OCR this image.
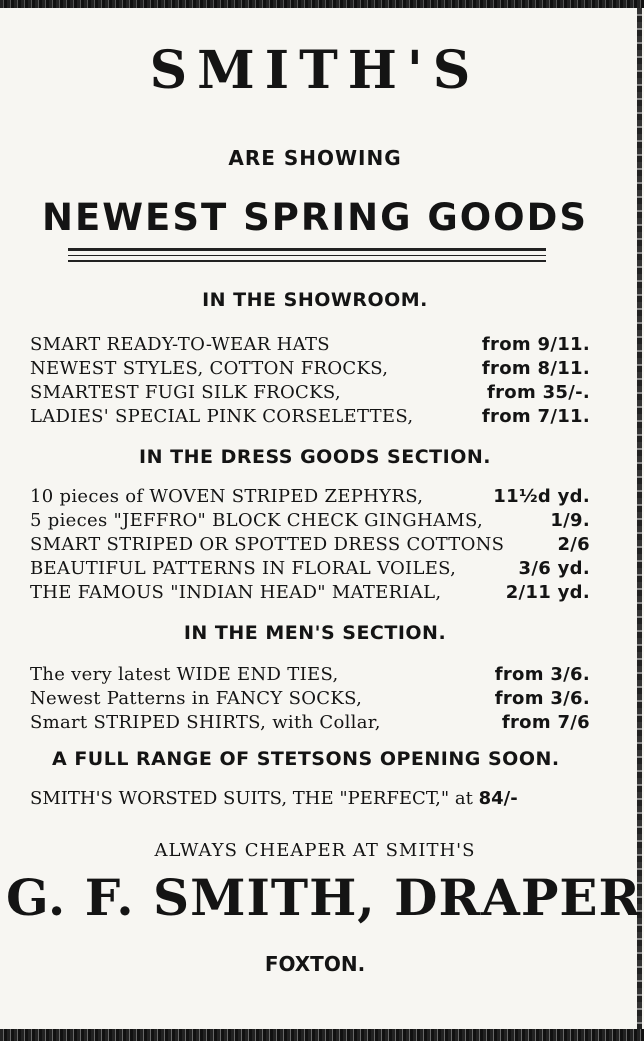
SMITH'S
ARE SHOWING
NEWEST SPRING GOODS
IN THE SHOWROOM.
SMART READY-TO-WEAR HATS	from 9/11.
NEWEST STYLES, COTTON FROCKS,	from 8/11.
SMARTEST FUGI SILK FROCKS,	from 35/-.
LADIES' SPECIAL PINK CORSELETTES,	from 7/11.
IN THE DRESS GOODS SECTION.
10 pieces of WOVEN STRIPED ZEPHYRS,	11½d yd.
5 pieces "JEFFRO" BLOCK CHECK GINGHAMS,	1/9.
SMART STRIPED OR SPOTTED DRESS COTTONS	2/6
BEAUTIFUL PATTERNS IN FLORAL VOILES,	3/6 yd.
THE FAMOUS "INDIAN HEAD" MATERIAL,	2/11 yd.
IN THE MEN'S SECTION.
The very latest WIDE END TIES,	from 3/6.
Newest Patterns in FANCY SOCKS,	from 3/6.
Smart STRIPED SHIRTS, with Collar,	from 7/6
A FULL RANGE OF STETSONS OPENING SOON.
SMITH'S WORSTED SUITS, THE "PERFECT," at 84/-
ALWAYS CHEAPER AT SMITH'S
G. F. SMITH, DRAPER
FOXTON.
